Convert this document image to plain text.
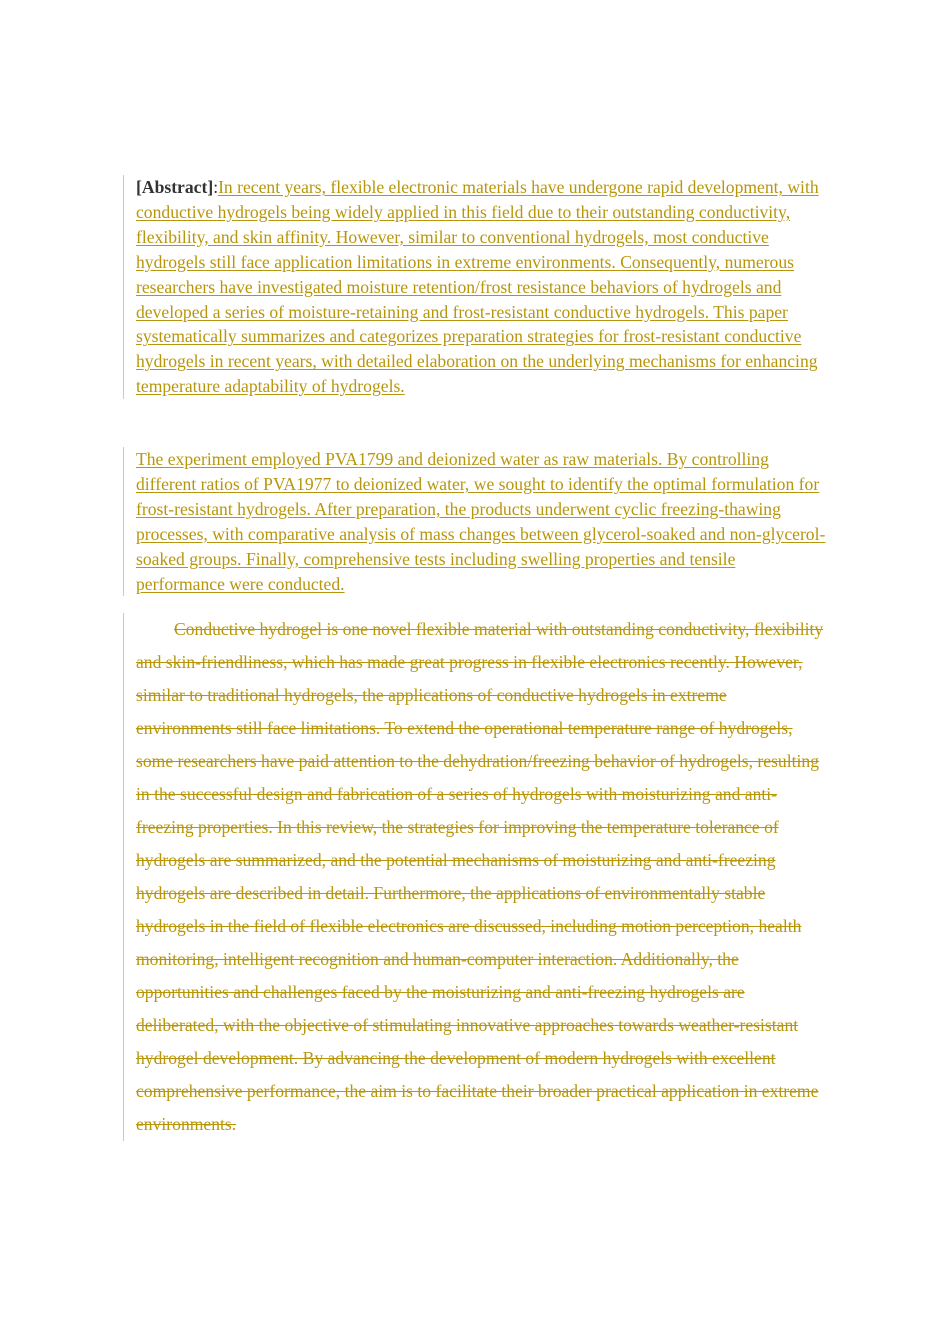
[Abstract]:In recent years, flexible electronic materials have undergone rapid development, with conductive hydrogels being widely applied in this field due to their outstanding conductivity, flexibility, and skin affinity. However, similar to conventional hydrogels, most conductive hydrogels still face application limitations in extreme environments. Consequently, numerous researchers have investigated moisture retention/frost resistance behaviors of hydrogels and developed a series of moisture-retaining and frost-resistant conductive hydrogels. This paper systematically summarizes and categorizes preparation strategies for frost-resistant conductive hydrogels in recent years, with detailed elaboration on the underlying mechanisms for enhancing temperature adaptability of hydrogels.
The experiment employed PVA1799 and deionized water as raw materials. By controlling different ratios of PVA1977 to deionized water, we sought to identify the optimal formulation for frost-resistant hydrogels. After preparation, the products underwent cyclic freezing-thawing processes, with comparative analysis of mass changes between glycerol-soaked and non-glycerol-soaked groups. Finally, comprehensive tests including swelling properties and tensile performance were conducted.
Conductive hydrogel is one novel flexible material with outstanding conductivity, flexibility and skin-friendliness, which has made great progress in flexible electronics recently. However, similar to traditional hydrogels, the applications of conductive hydrogels in extreme environments still face limitations. To extend the operational temperature range of hydrogels, some researchers have paid attention to the dehydration/freezing behavior of hydrogels, resulting in the successful design and fabrication of a series of hydrogels with moisturizing and anti-freezing properties. In this review, the strategies for improving the temperature tolerance of hydrogels are summarized, and the potential mechanisms of moisturizing and anti-freezing hydrogels are described in detail. Furthermore, the applications of environmentally stable hydrogels in the field of flexible electronics are discussed, including motion perception, health monitoring, intelligent recognition and human-computer interaction. Additionally, the opportunities and challenges faced by the moisturizing and anti-freezing hydrogels are deliberated, with the objective of stimulating innovative approaches towards weather-resistant hydrogel development. By advancing the development of modern hydrogels with excellent comprehensive performance, the aim is to facilitate their broader practical application in extreme environments.
